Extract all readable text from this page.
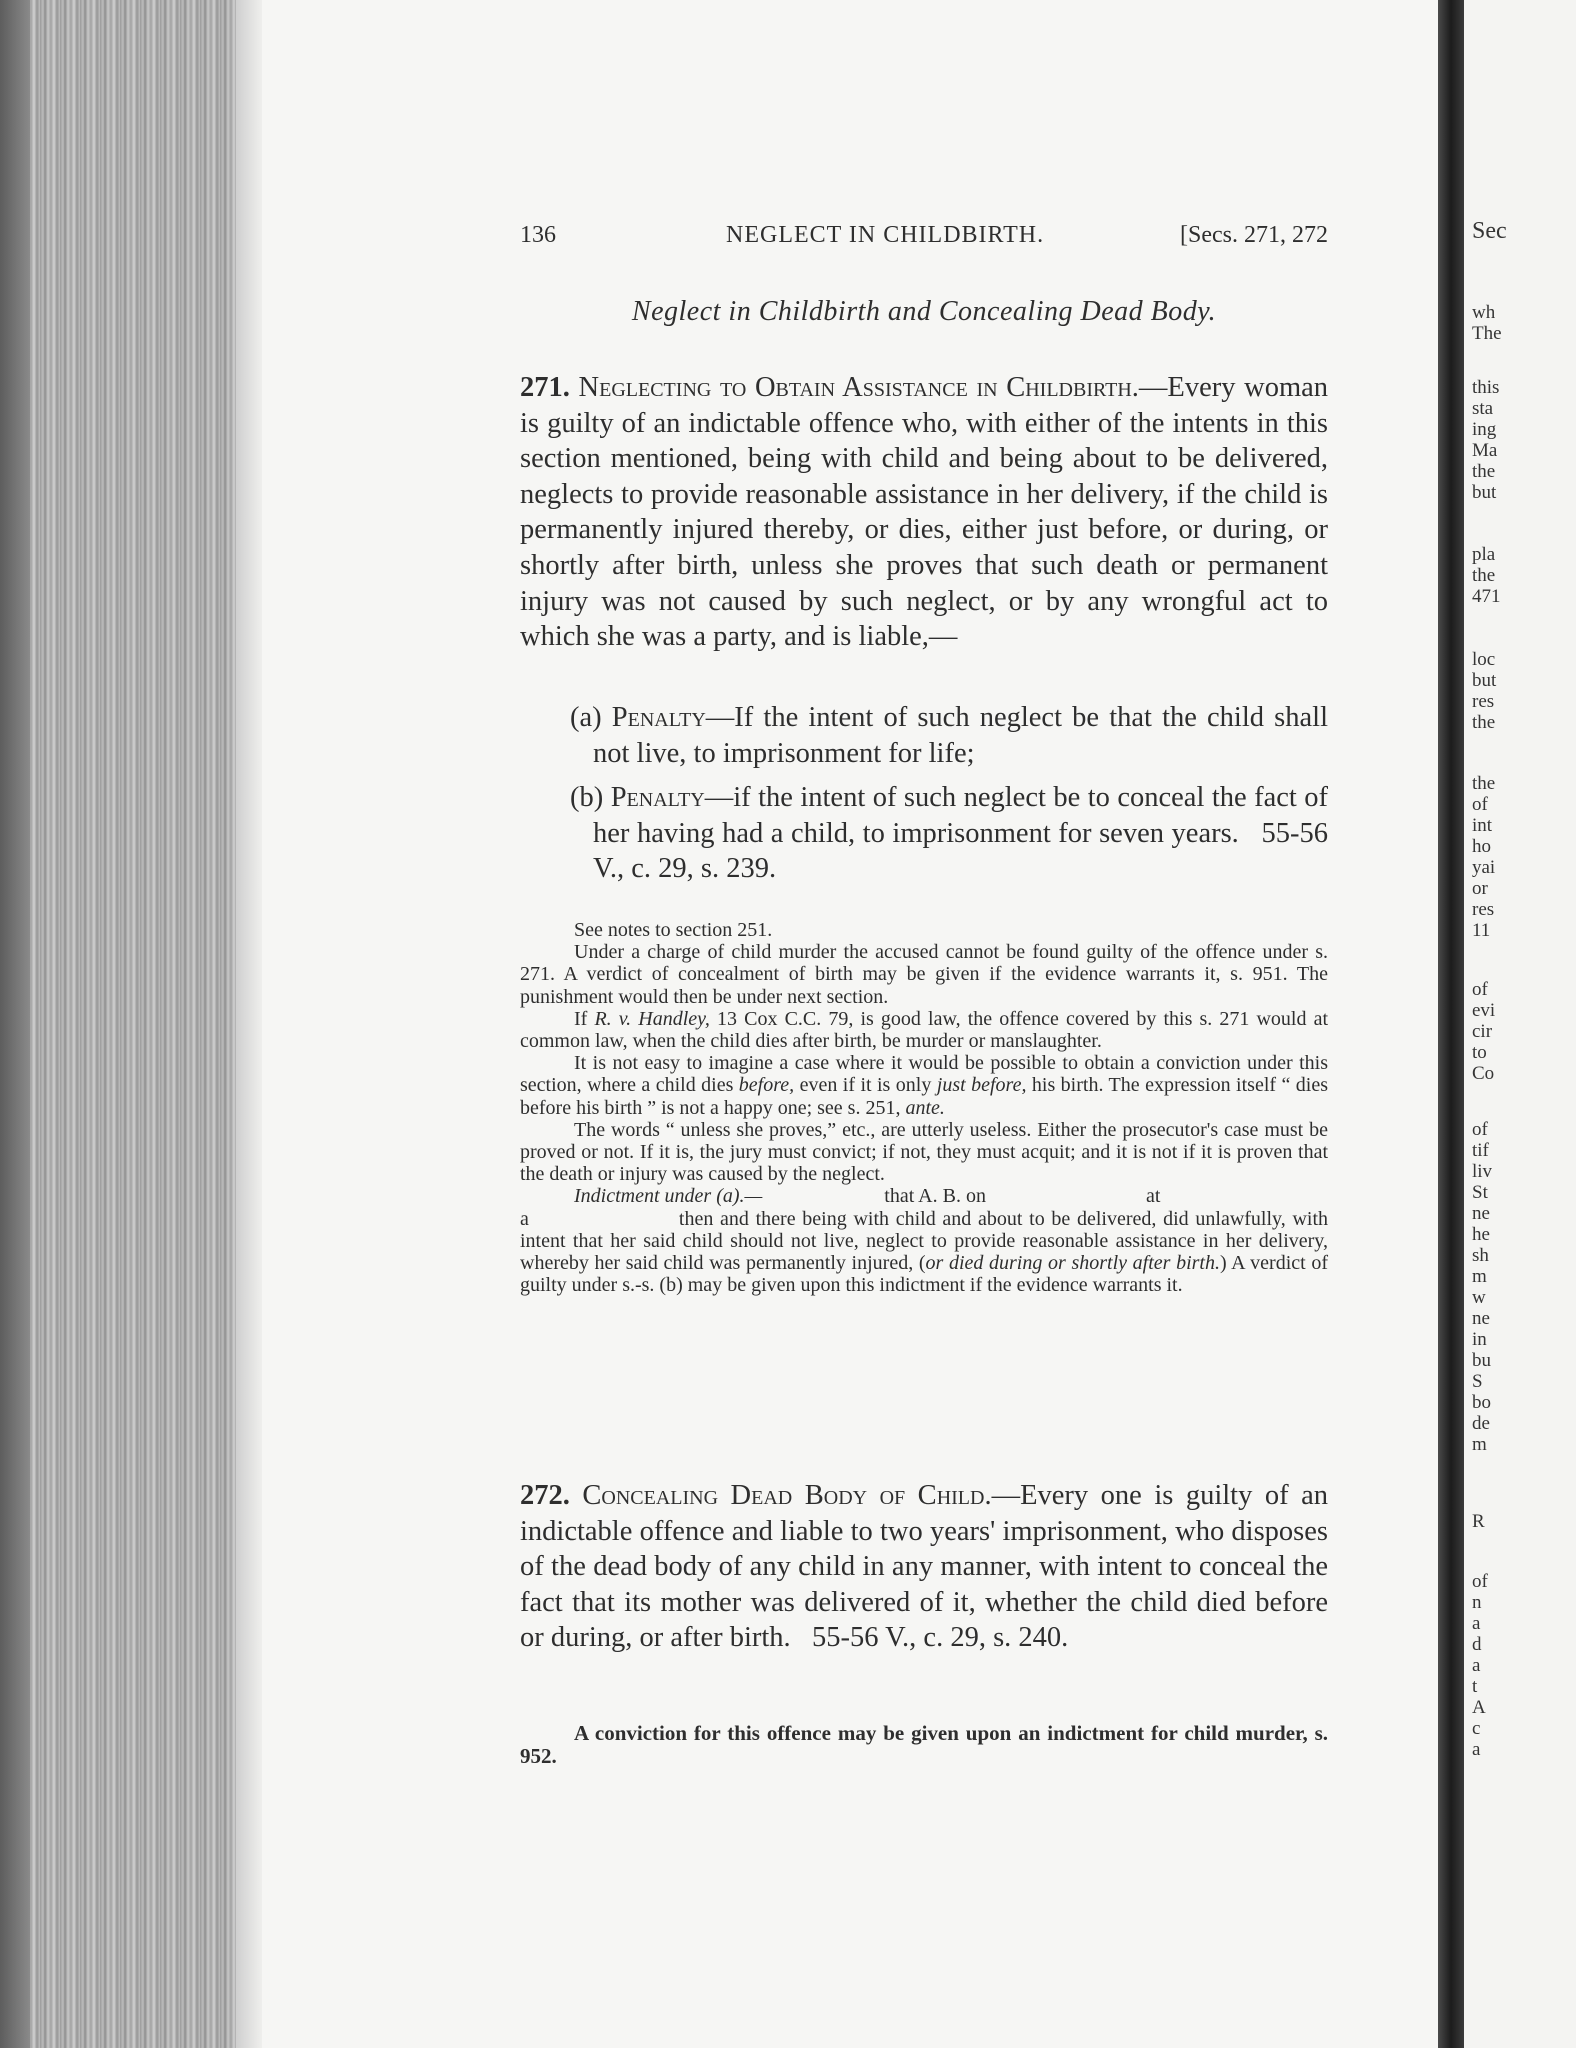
Sec
wh
The
this
sta
ing
Ma
the
but
pla
the
471
loc
but
res
the
the
of
int
ho
yai
or
res
11
of
evi
cir
to
Co
of
tif
liv
St
ne
he
sh
m
w
ne
in
bu
S
bo
de
m
R
of
n
a
d
a
t
A
c
a
136	NEGLECT IN CHILDBIRTH.	[Secs. 271, 272
Neglect in Childbirth and Concealing Dead Body.
271. Neglecting to Obtain Assistance in Childbirth.—Every woman is guilty of an indictable offence who, with either of the intents in this section mentioned, being with child and being about to be delivered, neglects to provide reasonable assistance in her delivery, if the child is permanently injured thereby, or dies, either just before, or during, or shortly after birth, unless she proves that such death or permanent injury was not caused by such neglect, or by any wrongful act to which she was a party, and is liable,—
(a) Penalty—If the intent of such neglect be that the child shall not live, to imprisonment for life;
(b) Penalty—if the intent of such neglect be to conceal the fact of her having had a child, to imprisonment for seven years. 55-56 V., c. 29, s. 239.

See notes to section 251.

Under a charge of child murder the accused cannot be found guilty of the offence under s. 271. A verdict of concealment of birth may be given if the evidence warrants it, s. 951. The punishment would then be under next section.

If R. v. Handley, 13 Cox C.C. 79, is good law, the offence covered by this s. 271 would at common law, when the child dies after birth, be murder or manslaughter.

It is not easy to imagine a case where it would be possible to obtain a conviction under this section, where a child dies before, even if it is only just before, his birth. The expression itself “ dies before his birth ” is not a happy one; see s. 251, ante.

The words “ unless she proves,” etc., are utterly useless. Either the prosecutor's case must be proved or not. If it is, the jury must convict; if not, they must acquit; and it is not if it is proven that the death or injury was caused by the neglect.

Indictment under (a).—	that A. B. on	at

a	then and there being with child and about to be delivered, did unlawfully, with intent that her said child should not live, neglect to provide reasonable assistance in her delivery, whereby her said child was permanently injured, (or died during or shortly after birth.) A verdict of guilty under s.-s. (b) may be given upon this indictment if the evidence warrants it.

272. Concealing Dead Body of Child.—Every one is guilty of an indictable offence and liable to two years' imprisonment, who disposes of the dead body of any child in any manner, with intent to conceal the fact that its mother was delivered of it, whether the child died before or during, or after birth. 55-56 V., c. 29, s. 240.

A conviction for this offence may be given upon an indictment for child murder, s. 952.
